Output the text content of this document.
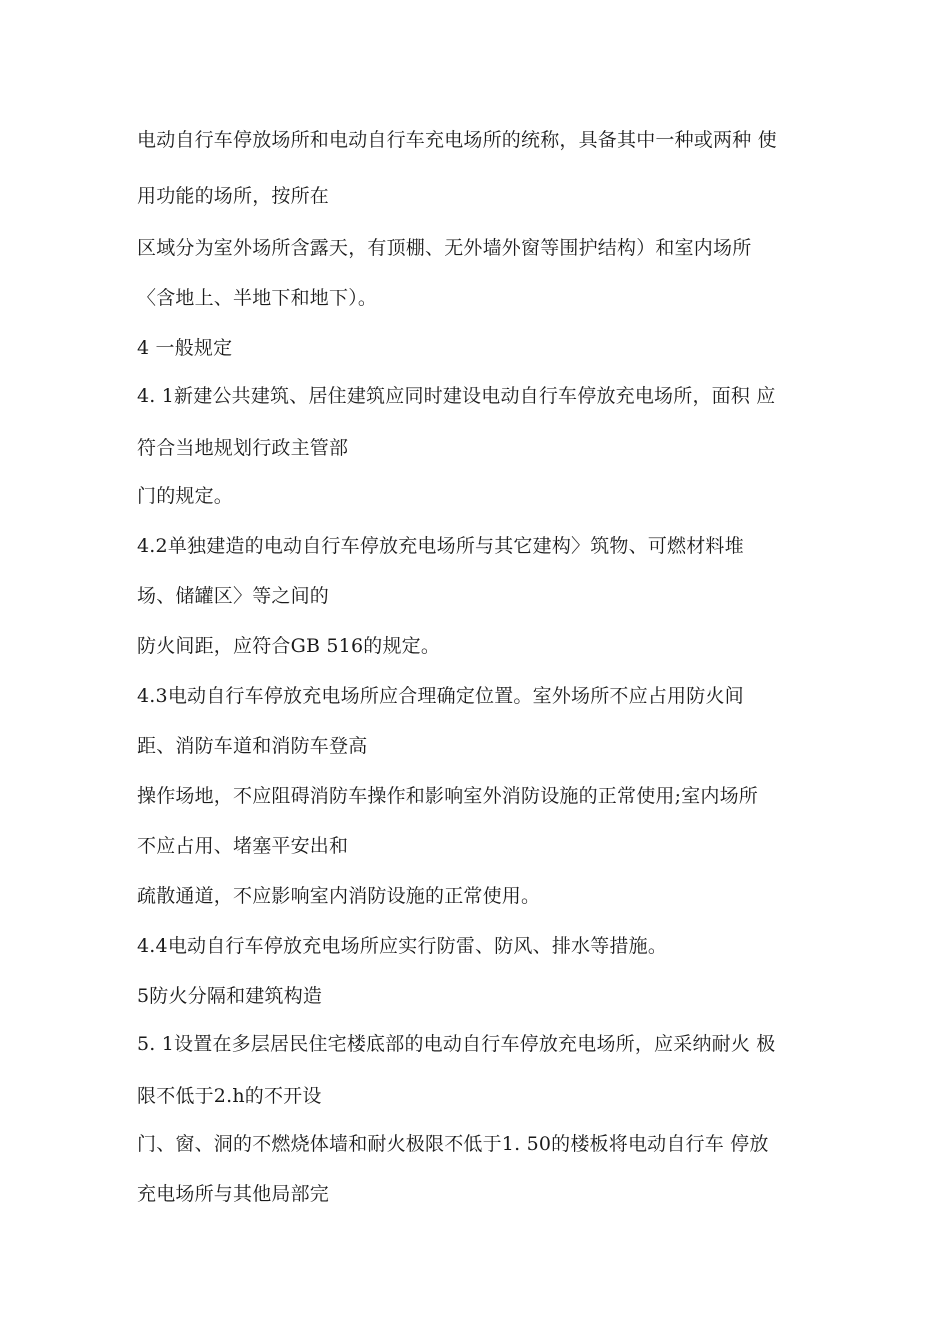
电动自行车停放场所和电动自行车充电场所的统称，具备其中一种或两种 使
用功能的场所，按所在
区域分为室外场所含露天，有顶棚、无外墙外窗等围护结构）和室内场所
〈含地上、半地下和地下）。
4 一般规定
4. 1新建公共建筑、居住建筑应同时建设电动自行车停放充电场所，面积 应
符合当地规划行政主管部
门的规定。
4.2单独建造的电动自行车停放充电场所与其它建构〉筑物、可燃材料堆
场、储罐区〉等之间的
防火间距，应符合GB 516的规定。
4.3电动自行车停放充电场所应合理确定位置。室外场所不应占用防火间
距、消防车道和消防车登高
操作场地，不应阻碍消防车操作和影响室外消防设施的正常使用;室内场所
不应占用、堵塞平安出和
疏散通道，不应影响室内消防设施的正常使用。
4.4电动自行车停放充电场所应实行防雷、防风、排水等措施。
5防火分隔和建筑构造
5. 1设置在多层居民住宅楼底部的电动自行车停放充电场所，应采纳耐火 极
限不低于2.h的不开设
门、窗、洞的不燃烧体墙和耐火极限不低于1. 50的楼板将电动自行车 停放
充电场所与其他局部完
